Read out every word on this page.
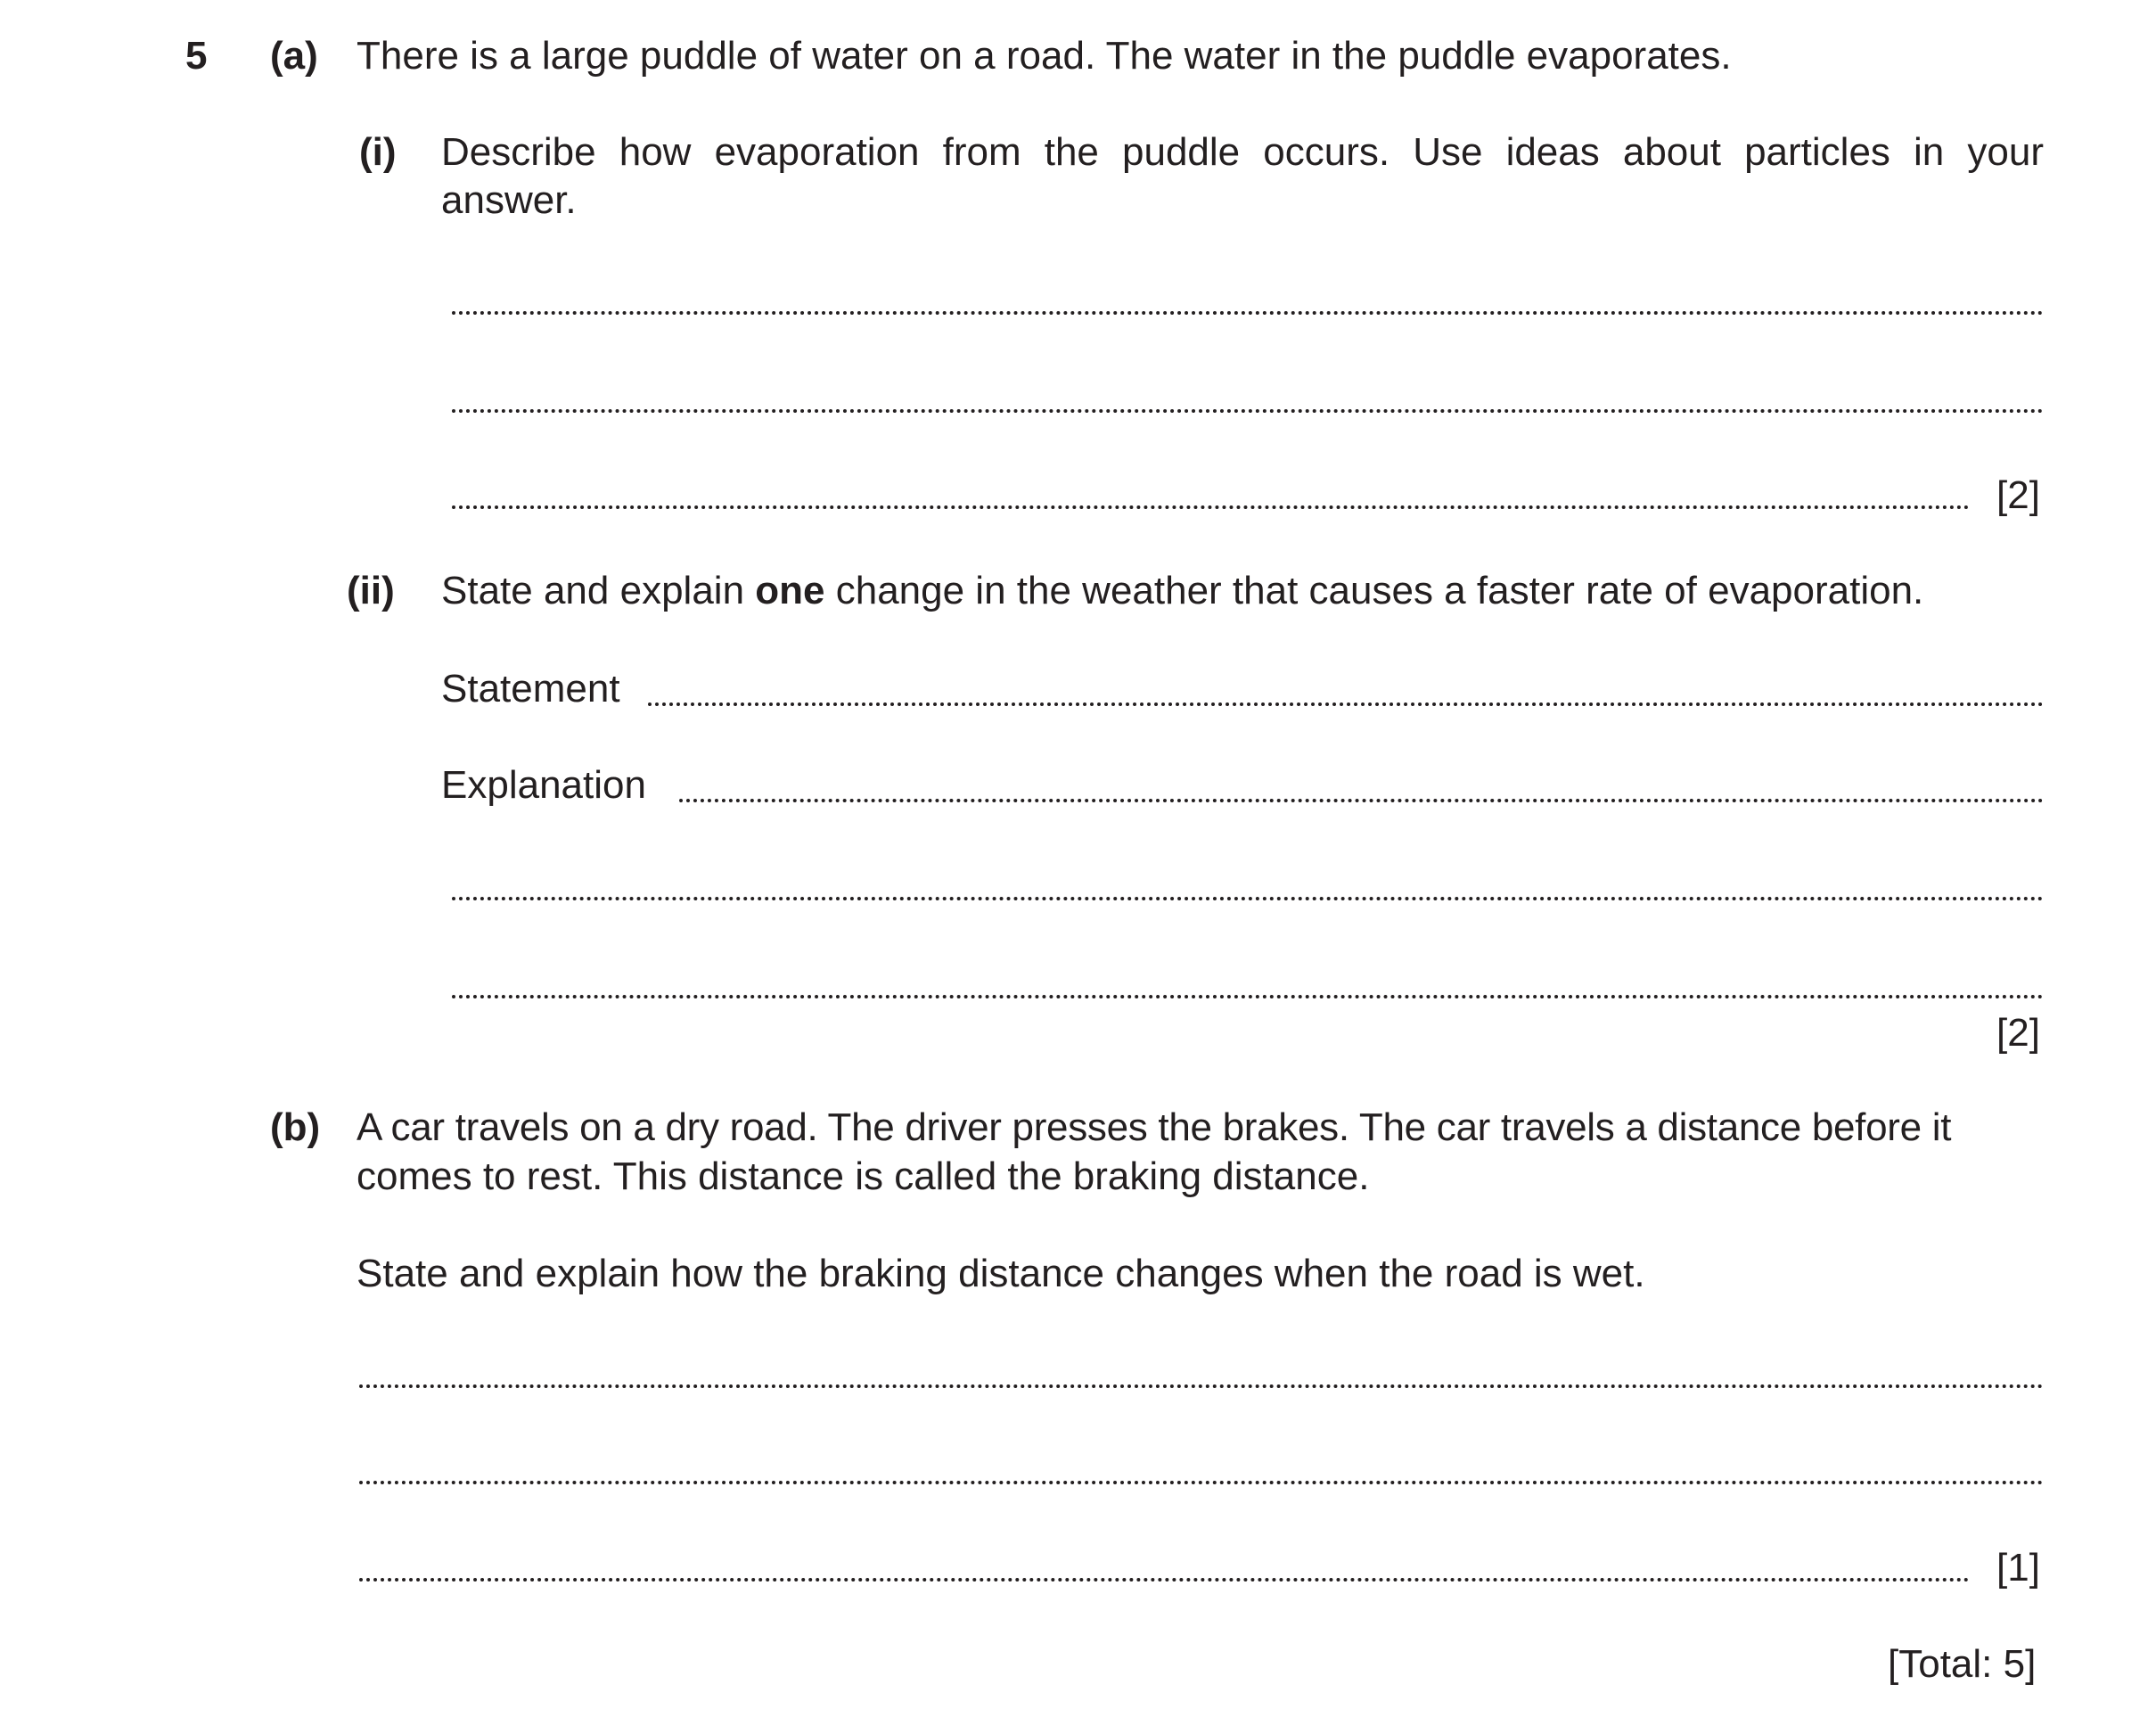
5 (a) There is a large puddle of water on a road. The water in the puddle evaporates.
(i) Describe how evaporation from the puddle occurs. Use ideas about particles in your
answer.
[2]
(ii) State and explain one change in the weather that causes a faster rate of evaporation.
Statement
Explanation
[2]
(b) A car travels on a dry road. The driver presses the brakes. The car travels a distance before it
comes to rest. This distance is called the braking distance.
State and explain how the braking distance changes when the road is wet.
[1]
[Total: 5]
